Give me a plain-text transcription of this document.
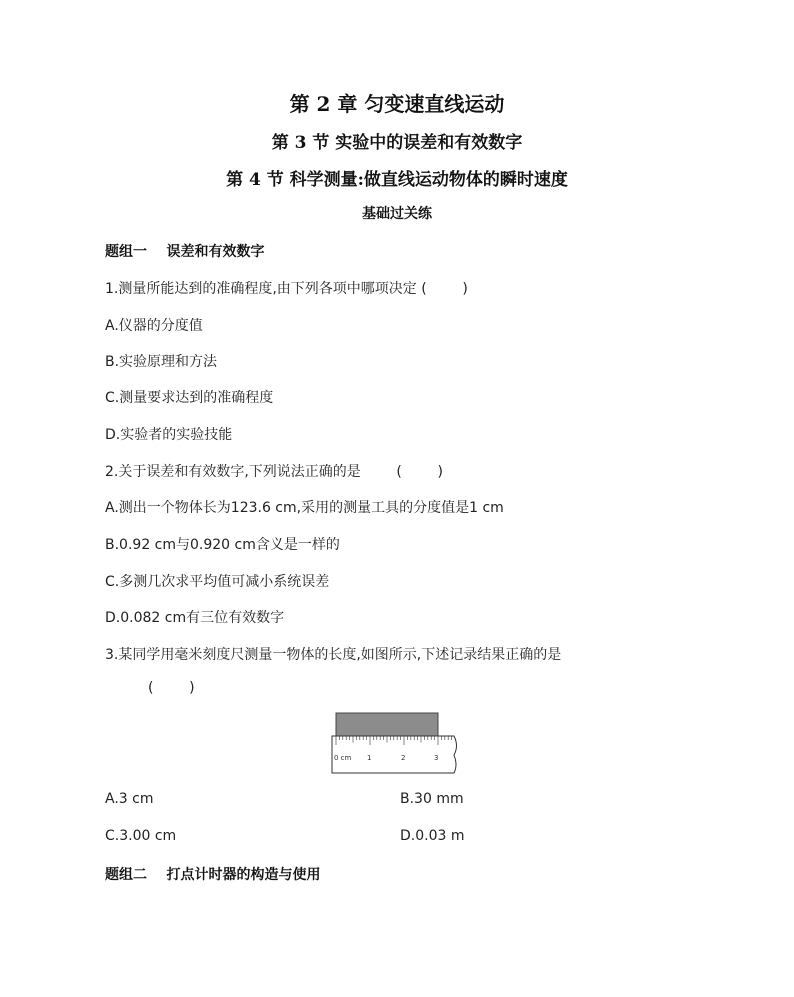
第 2 章 匀变速直线运动
第 3 节 实验中的误差和有效数字
第 4 节 科学测量:做直线运动物体的瞬时速度
基础过关练
题组一    误差和有效数字
1.测量所能达到的准确程度,由下列各项中哪项决定 (        )
A.仪器的分度值
B.实验原理和方法
C.测量要求达到的准确程度
D.实验者的实验技能
2.关于误差和有效数字,下列说法正确的是        (        )
A.测出一个物体长为123.6 cm,采用的测量工具的分度值是1 cm
B.0.92 cm与0.920 cm含义是一样的
C.多测几次求平均值可减小系统误差
D.0.082 cm有三位有效数字
3.某同学用毫米刻度尺测量一物体的长度,如图所示,下述记录结果正确的是
(        )
0 cm 1	2	3
A.3 cm	B.30 mm
C.3.00 cm	D.0.03 m
题组二    打点计时器的构造与使用
